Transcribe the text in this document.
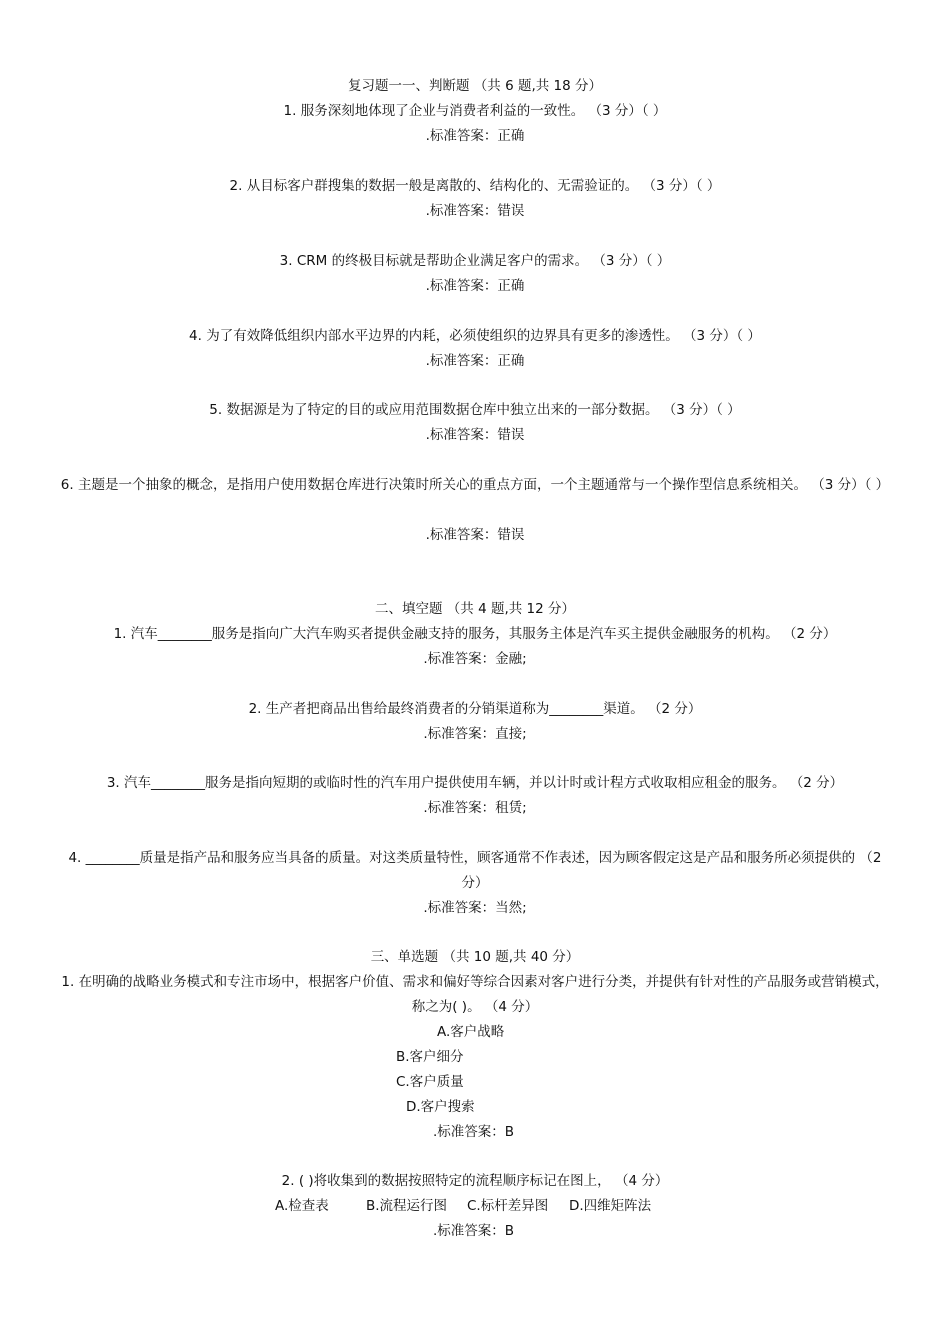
复习题一一、判断题 （共 6 题,共 18 分）
1. 服务深刻地体现了企业与消费者利益的一致性。 （3 分）（ ）
.标准答案：正确
2. 从目标客户群搜集的数据一般是离散的、结构化的、无需验证的。 （3 分）（ ）
.标准答案：错误
3. CRM 的终极目标就是帮助企业满足客户的需求。 （3 分）（ ）
.标准答案：正确
4. 为了有效降低组织内部水平边界的内耗，必须使组织的边界具有更多的渗透性。 （3 分）（ ）
.标准答案：正确
5. 数据源是为了特定的目的或应用范围数据仓库中独立出来的一部分数据。 （3 分）（ ）
.标准答案：错误
6. 主题是一个抽象的概念，是指用户使用数据仓库进行决策时所关心的重点方面，一个主题通常与一个操作型信息系统相关。 （3 分）（ ）
.标准答案：错误
二、填空题 （共 4 题,共 12 分）
1. 汽车________服务是指向广大汽车购买者提供金融支持的服务，其服务主体是汽车买主提供金融服务的机构。 （2 分）
.标准答案：金融;
2. 生产者把商品出售给最终消费者的分销渠道称为________渠道。 （2 分）
.标准答案：直接;
3. 汽车________服务是指向短期的或临时性的汽车用户提供使用车辆，并以计时或计程方式收取相应租金的服务。 （2 分）
.标准答案：租赁;
4. ________质量是指产品和服务应当具备的质量。对这类质量特性，顾客通常不作表述，因为顾客假定这是产品和服务所必须提供的 （2 分）
.标准答案：当然;
三、单选题 （共 10 题,共 40 分）
1. 在明确的战略业务模式和专注市场中，根据客户价值、需求和偏好等综合因素对客户进行分类，并提供有针对性的产品服务或营销模式，称之为( )。 （4 分）
A.客户战略
B.客户细分
C.客户质量
D.客户搜索
.标准答案：B
2. ( )将收集到的数据按照特定的流程顺序标记在图上， （4 分）
A.检查表	B.流程运行图 C.标杆差异图 D.四维矩阵法
.标准答案：B
